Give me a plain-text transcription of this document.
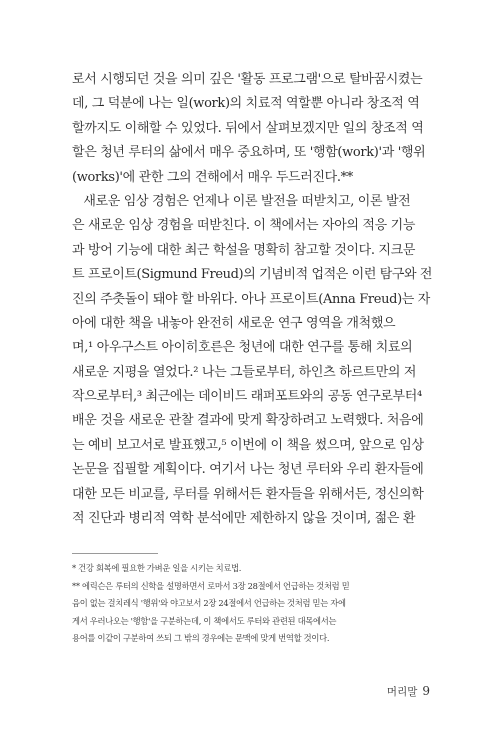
로서 시행되던 것을 의미 깊은 '활동 프로그램'으로 탈바꿈시켰는
데, 그 덕분에 나는 일(work)의 치료적 역할뿐 아니라 창조적 역
할까지도 이해할 수 있었다. 뒤에서 살펴보겠지만 일의 창조적 역
할은 청년 루터의 삶에서 매우 중요하며, 또 '행함(work)'과 '행위
(works)'에 관한 그의 견해에서 매우 두드러진다.**
새로운 임상 경험은 언제나 이론 발전을 떠받치고, 이론 발전
은 새로운 임상 경험을 떠받친다. 이 책에서는 자아의 적응 기능
과 방어 기능에 대한 최근 학설을 명확히 참고할 것이다. 지크문
트 프로이트(Sigmund Freud)의 기념비적 업적은 이런 탐구와 전
진의 주춧돌이 돼야 할 바위다. 아나 프로이트(Anna Freud)는 자
아에 대한 책을 내놓아 완전히 새로운 연구 영역을 개척했으
며,¹ 아우구스트 아이히호른은 청년에 대한 연구를 통해 치료의
새로운 지평을 열었다.² 나는 그들로부터, 하인츠 하르트만의 저
작으로부터,³ 최근에는 데이비드 래퍼포트와의 공동 연구로부터⁴
배운 것을 새로운 관찰 결과에 맞게 확장하려고 노력했다. 처음에
는 예비 보고서로 발표했고,⁵ 이번에 이 책을 썼으며, 앞으로 임상
논문을 집필할 계획이다. 여기서 나는 청년 루터와 우리 환자들에
대한 모든 비교를, 루터를 위해서든 환자들을 위해서든, 정신의학
적 진단과 병리적 역학 분석에만 제한하지 않을 것이며, 젊은 환
* 건강 회복에 필요한 가벼운 일을 시키는 치료법.
** 에릭슨은 루터의 신학을 설명하면서 로마서 3장 28절에서 언급하는 것처럼 믿
음이 없는 걸치레식 '행위'와 야고보서 2장 24절에서 언급하는 것처럼 믿는 자에
게서 우러나오는 '행함'을 구분하는데, 이 책에서도 루터와 관련된 대목에서는
용어를 이같이 구분하여 쓰되 그 밖의 경우에는 문맥에 맞게 번역할 것이다.
머리말 9
